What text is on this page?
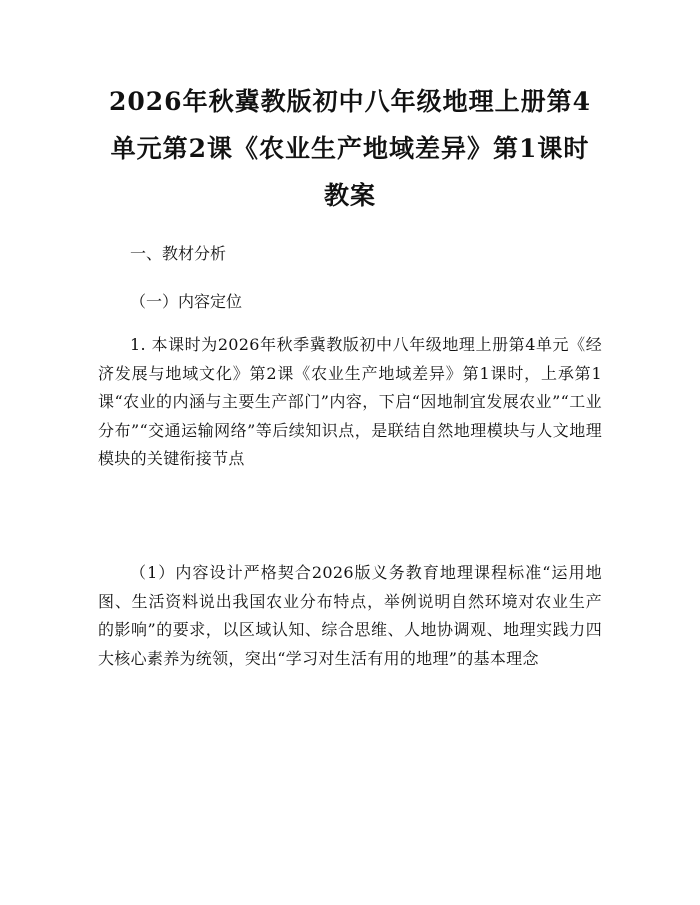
2026年秋冀教版初中八年级地理上册第4单元第2课《农业生产地域差异》第1课时教案

一、教材分析

（一）内容定位

1. 本课时为2026年秋季冀教版初中八年级地理上册第4单元《经济发展与地域文化》第2课《农业生产地域差异》第1课时，上承第1课“农业的内涵与主要生产部门”内容，下启“因地制宜发展农业”“工业分布”“交通运输网络”等后续知识点，是联结自然地理模块与人文地理模块的关键衔接节点

（1）内容设计严格契合2026版义务教育地理课程标准“运用地图、生活资料说出我国农业分布特点，举例说明自然环境对农业生产的影响”的要求，以区域认知、综合思维、人地协调观、地理实践力四大核心素养为统领，突出“学习对生活有用的地理”的基本理念
